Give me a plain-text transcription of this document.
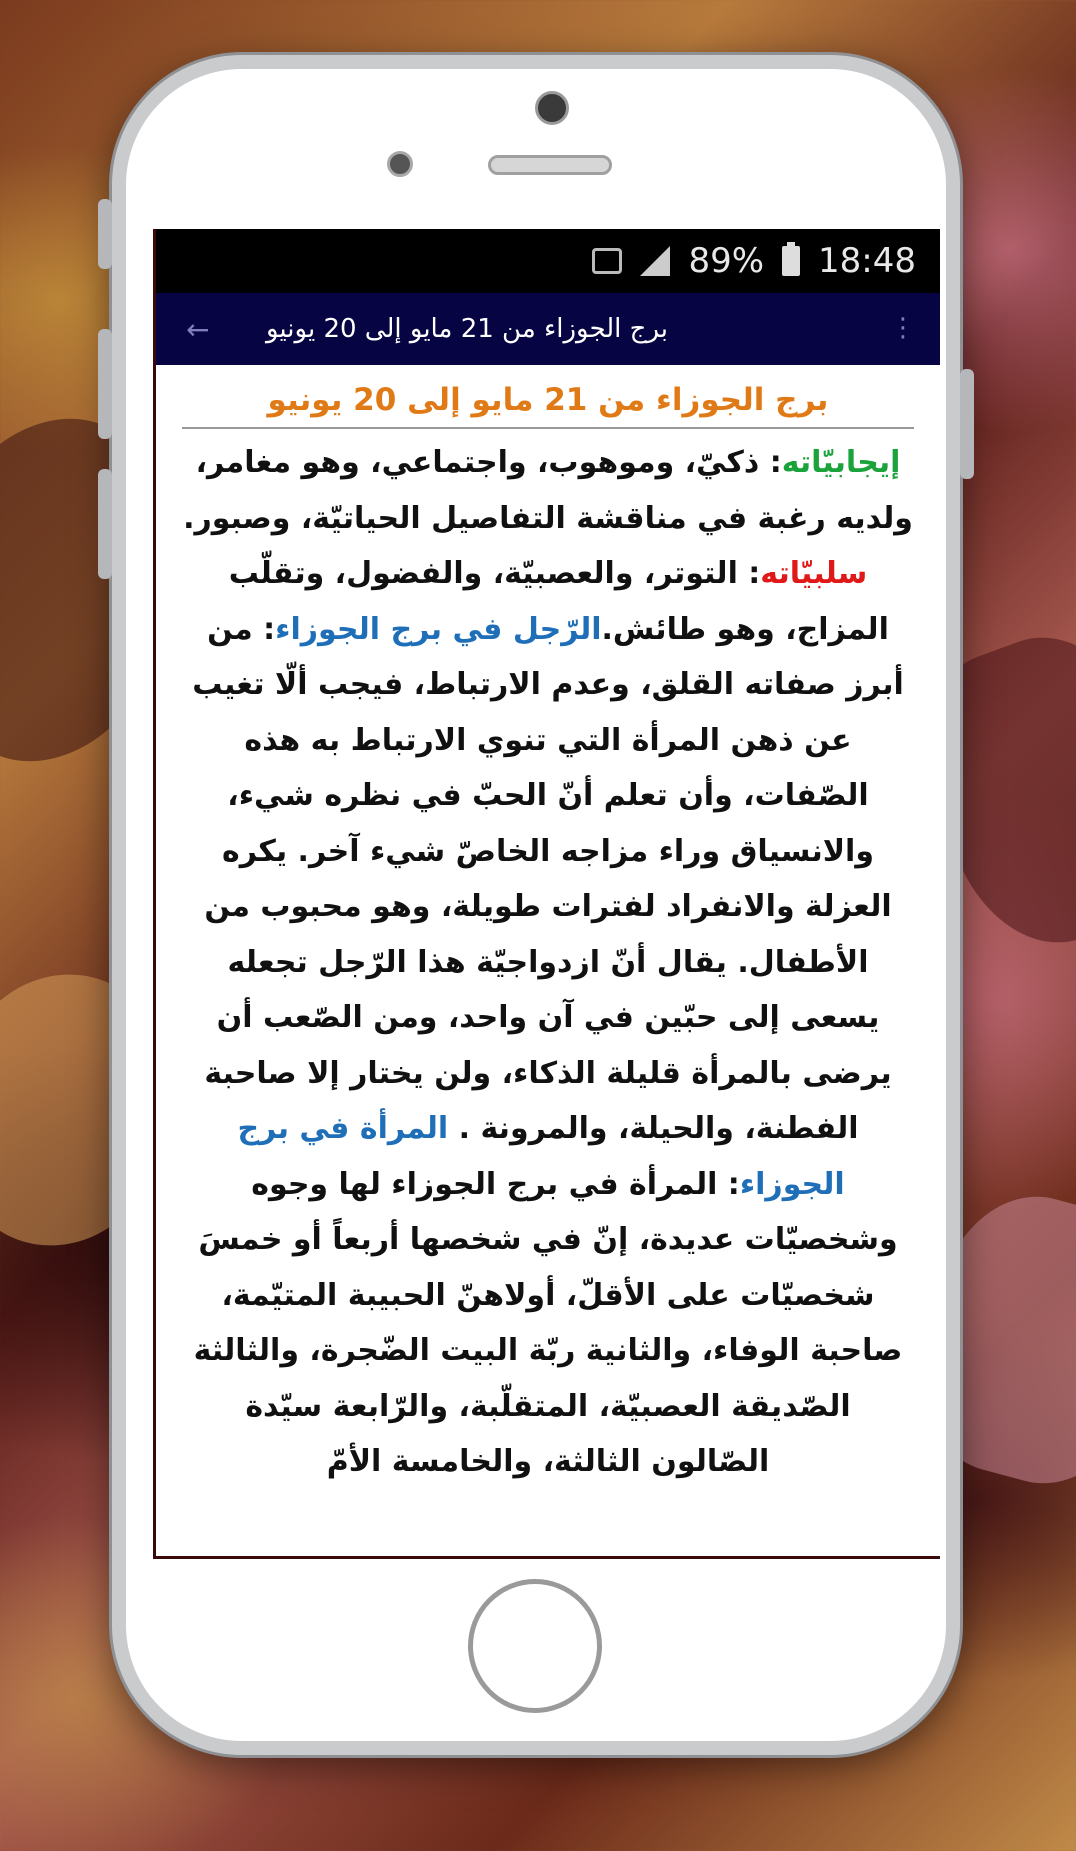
89% 18:48
←	برج الجوزاء من 21 مايو إلى 20 يونيو	⋮
برج الجوزاء من 21 مايو إلى 20 يونيو
إيجابيّاته: ذكيّ، وموهوب، واجتماعي، وهو مغامر، ولديه رغبة في مناقشة التفاصيل الحياتيّة، وصبور. سلبيّاته: التوتر، والعصبيّة، والفضول، وتقلّب المزاج، وهو طائش.الرّجل في برج الجوزاء: من أبرز صفاته القلق، وعدم الارتباط، فيجب ألّا تغيب عن ذهن المرأة التي تنوي الارتباط به هذه الصّفات، وأن تعلم أنّ الحبّ في نظره شيء، والانسياق وراء مزاجه الخاصّ شيء آخر. يكره العزلة والانفراد لفترات طويلة، وهو محبوب من الأطفال. يقال أنّ ازدواجيّة هذا الرّجل تجعله يسعى إلى حبّين في آن واحد، ومن الصّعب أن يرضى بالمرأة قليلة الذكاء، ولن يختار إلا صاحبة الفطنة، والحيلة، والمرونة . المرأة في برج الجوزاء: المرأة في برج الجوزاء لها وجوه وشخصيّات عديدة، إنّ في شخصها أربعاً أو خمسَ شخصيّات على الأقلّ، أولاهنّ الحبيبة المتيّمة، صاحبة الوفاء، والثانية ربّة البيت الضّجرة، والثالثة الصّديقة العصبيّة، المتقلّبة، والرّابعة سيّدة الصّالون الثالثة، والخامسة الأمّ
